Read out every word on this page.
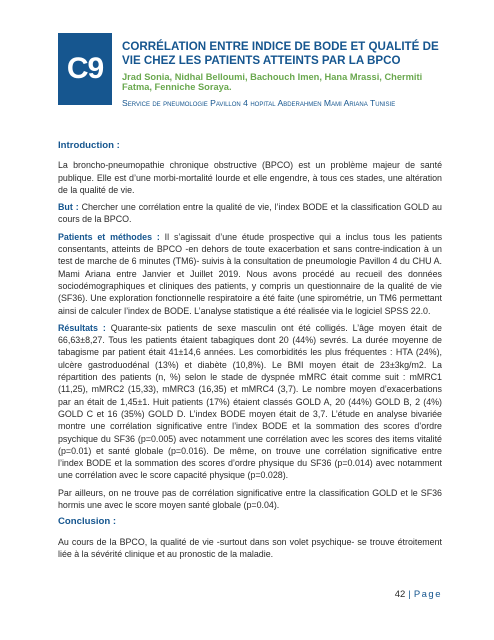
C9
CORRÉLATION ENTRE INDICE DE BODE ET QUALITÉ DE VIE CHEZ LES PATIENTS ATTEINTS PAR LA BPCO
Jrad Sonia, Nidhal Belloumi, Bachouch Imen, Hana Mrassi, Chermiti Fatma, Fenniche Soraya.
Service de pneumologie Pavillon 4 hopital Abderahmen Mami Ariana Tunisie
Introduction :
La broncho-pneumopathie chronique obstructive (BPCO) est un problème majeur de santé publique. Elle est d’une morbi-mortalité lourde et elle engendre, à tous ces stades, une altération de la qualité de vie.
But : Chercher une corrélation entre la qualité de vie, l’index BODE et la classification GOLD au cours de la BPCO.
Patients et méthodes : Il s’agissait d’une étude prospective qui a inclus tous les patients consentants, atteints de BPCO -en dehors de toute exacerbation et sans contre-indication à un test de marche de 6 minutes (TM6)- suivis à la consultation de pneumologie Pavillon 4 du CHU A. Mami Ariana entre Janvier et Juillet 2019. Nous avons procédé au recueil des données sociodémographiques et cliniques des patients, y compris un questionnaire de la qualité de vie (SF36). Une exploration fonctionnelle respiratoire a été faite (une spirométrie, un TM6 permettant ainsi de calculer l’index de BODE. L’analyse statistique a été réalisée via le logiciel SPSS 22.0.
Résultats : Quarante-six patients de sexe masculin ont été colligés. L’âge moyen était de 66,63±8,27. Tous les patients étaient tabagiques dont 20 (44%) sevrés. La durée moyenne de tabagisme par patient était 41±14,6 années. Les comorbidités les plus fréquentes : HTA (24%), ulcère gastroduodénal (13%) et diabète (10,8%). Le BMI moyen était de 23±3kg/m2. La répartition des patients (n, %) selon le stade de dyspnée mMRC était comme suit : mMRC1 (11,25), mMRC2 (15,33), mMRC3 (16,35) et mMRC4 (3,7). Le nombre moyen d’exacerbations par an était de 1,45±1. Huit patients (17%) étaient classés GOLD A, 20 (44%) GOLD B, 2 (4%) GOLD C et 16 (35%) GOLD D. L’index BODE moyen était de 3,7. L’étude en analyse bivariée montre une corrélation significative entre l’index BODE et la sommation des scores d’ordre psychique du SF36 (p=0.005) avec notamment une corrélation avec les scores des items vitalité (p=0.01) et santé globale (p=0.016). De même, on trouve une corrélation significative entre l’index BODE et la sommation des scores d’ordre physique du SF36 (p=0.014) avec notamment une corrélation avec le score capacité physique (p=0.028).
Par ailleurs, on ne trouve pas de corrélation significative entre la classification GOLD et le SF36 hormis une avec le score moyen santé globale (p=0.04).
Conclusion :
Au cours de la BPCO, la qualité de vie -surtout dans son volet psychique- se trouve étroitement liée à la sévérité clinique et au pronostic de la maladie.
42 | Page
